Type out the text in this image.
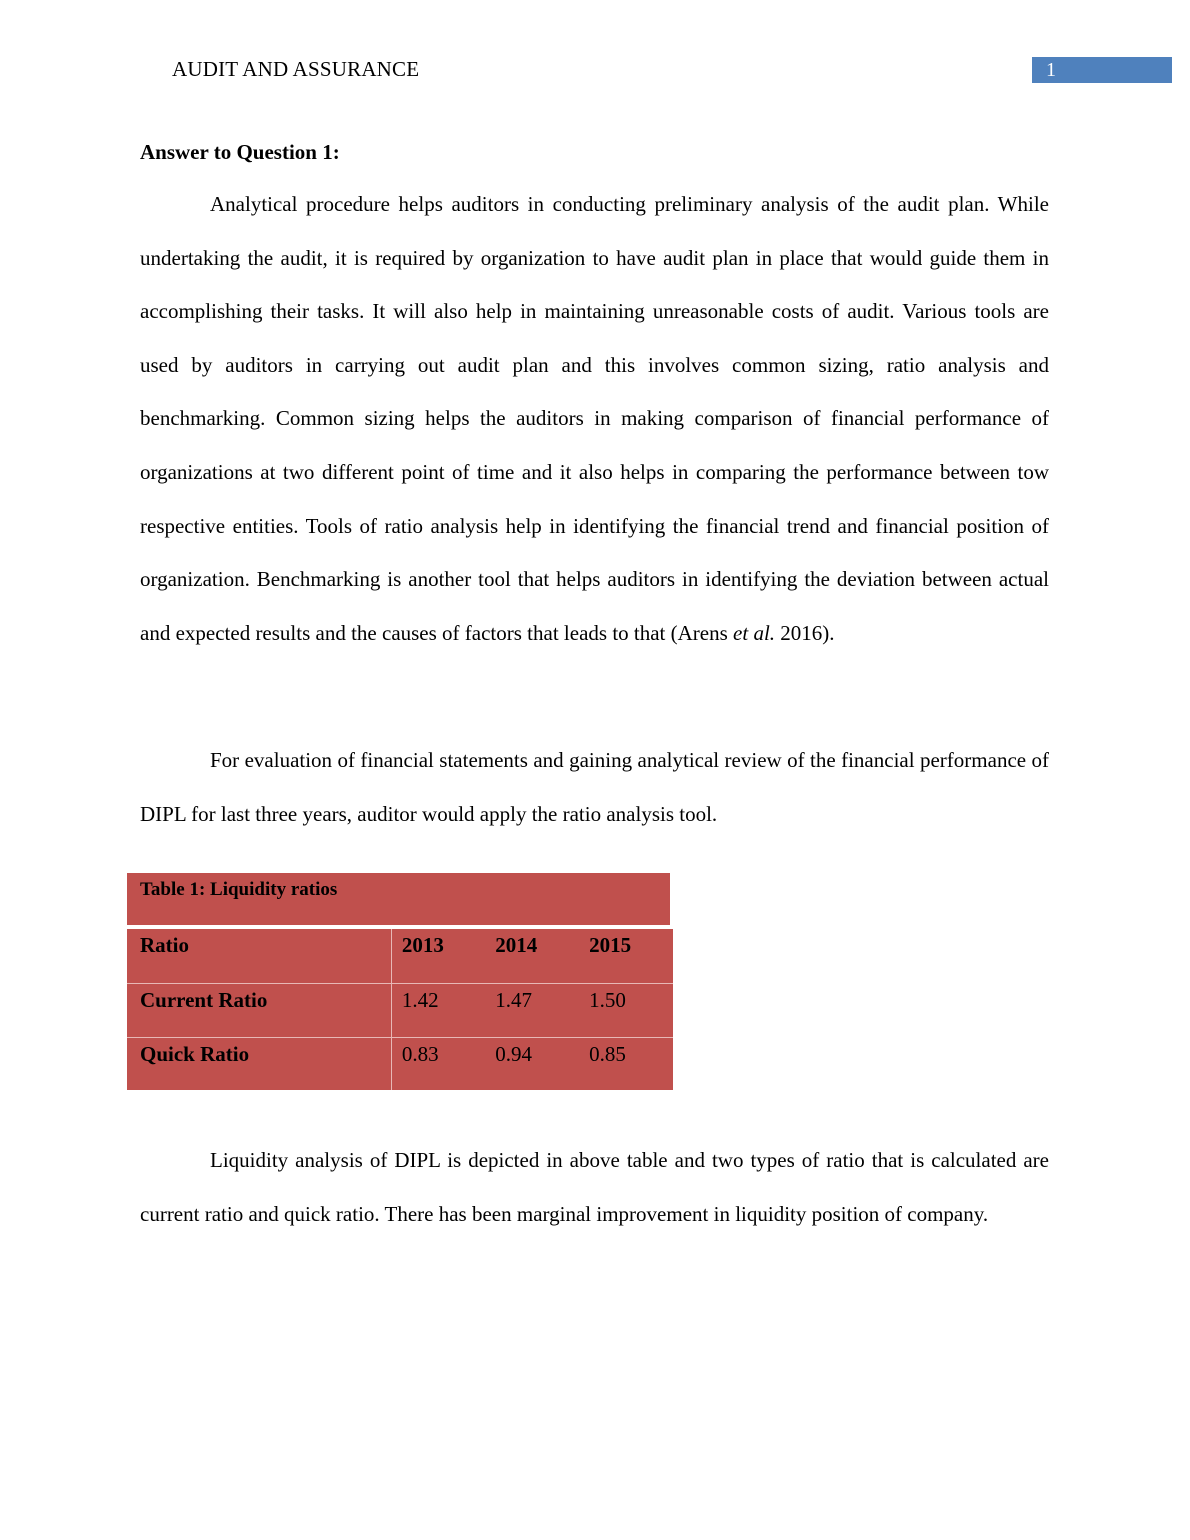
AUDIT AND ASSURANCE	1
Answer to Question 1:

Analytical procedure helps auditors in conducting preliminary analysis of the audit plan. While undertaking the audit, it is required by organization to have audit plan in place that would guide them in accomplishing their tasks. It will also help in maintaining unreasonable costs of audit. Various tools are used by auditors in carrying out audit plan and this involves common sizing, ratio analysis and benchmarking. Common sizing helps the auditors in making comparison of financial performance of organizations at two different point of time and it also helps in comparing the performance between tow respective entities. Tools of ratio analysis help in identifying the financial trend and financial position of organization. Benchmarking is another tool that helps auditors in identifying the deviation between actual and expected results and the causes of factors that leads to that (Arens et al. 2016).

For evaluation of financial statements and gaining analytical review of the financial performance of DIPL for last three years, auditor would apply the ratio analysis tool.

Table 1: Liquidity ratios
Ratio	2013	2014	2015
Current Ratio	1.42	1.47	1.50
Quick Ratio	0.83	0.94	0.85

Liquidity analysis of DIPL is depicted in above table and two types of ratio that is calculated are current ratio and quick ratio. There has been marginal improvement in liquidity position of company.
